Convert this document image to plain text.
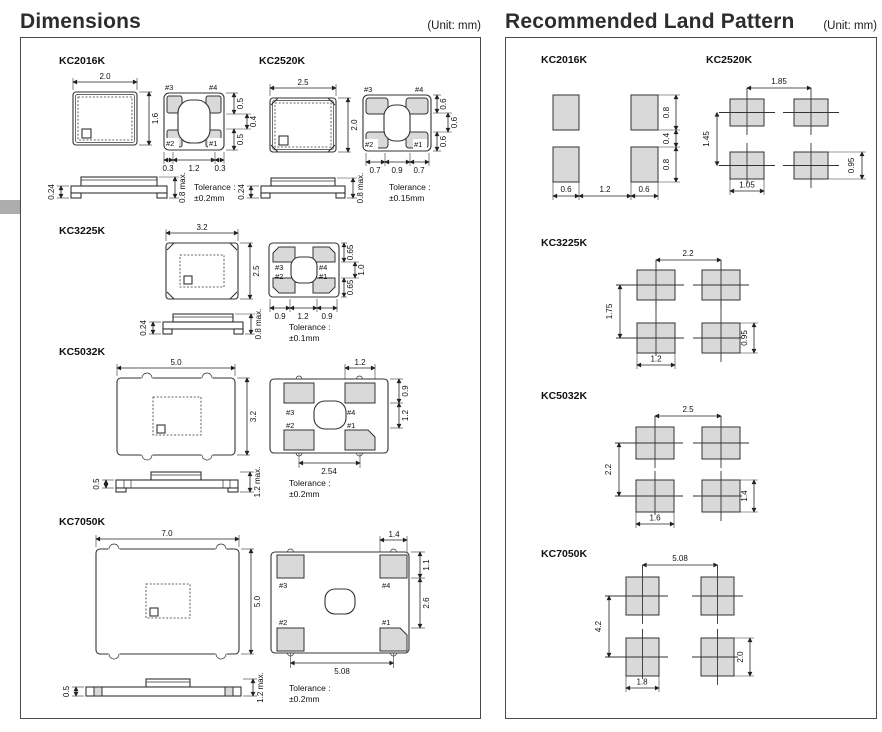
Dimensions	(Unit: mm)
KC2016K
2.0
1.6
#3	#4
#2	#1
0.5
0.4
0.5
0.3 1.2 0.3
0.24	0.8 max. Tolerance :
±0.2mm
KC2520K
2.5
2.0
#3	#4
#2	#1
0.6
0.6
0.6
0.7 0.9 0.7
0.24	0.8 max.	Tolerance :
±0.15mm
KC3225K	3.2
2.5 #3	#4
#2	#1
0.65
1.0
0.65
0.9 1.2 0.9
0.24	0.8 max.	Tolerance :
±0.1mm
KC5032K
5.0
3.2	#3	#4
#2	#1
1.2
0.9
1.2
2.54
0.5	1.2 max.	Tolerance :
±0.2mm
KC7050K
7.0
5.0
#3	#4
#2	#1
1.4
1.1
2.6
5.08
0.5	1.2 max.	Tolerance :
±0.2mm
Recommended Land Pattern	(Unit: mm)
KC2016K
0.8
0.4
0.8
0.6	1.2	0.6
KC2520K
1.85
1.45
1.05
0.95
KC3225K
2.2
1.75
1.2
0.95
KC5032K
2.5
2.2
1.6
1.4
KC7050K	5.08
4.2
1.8
2.0
